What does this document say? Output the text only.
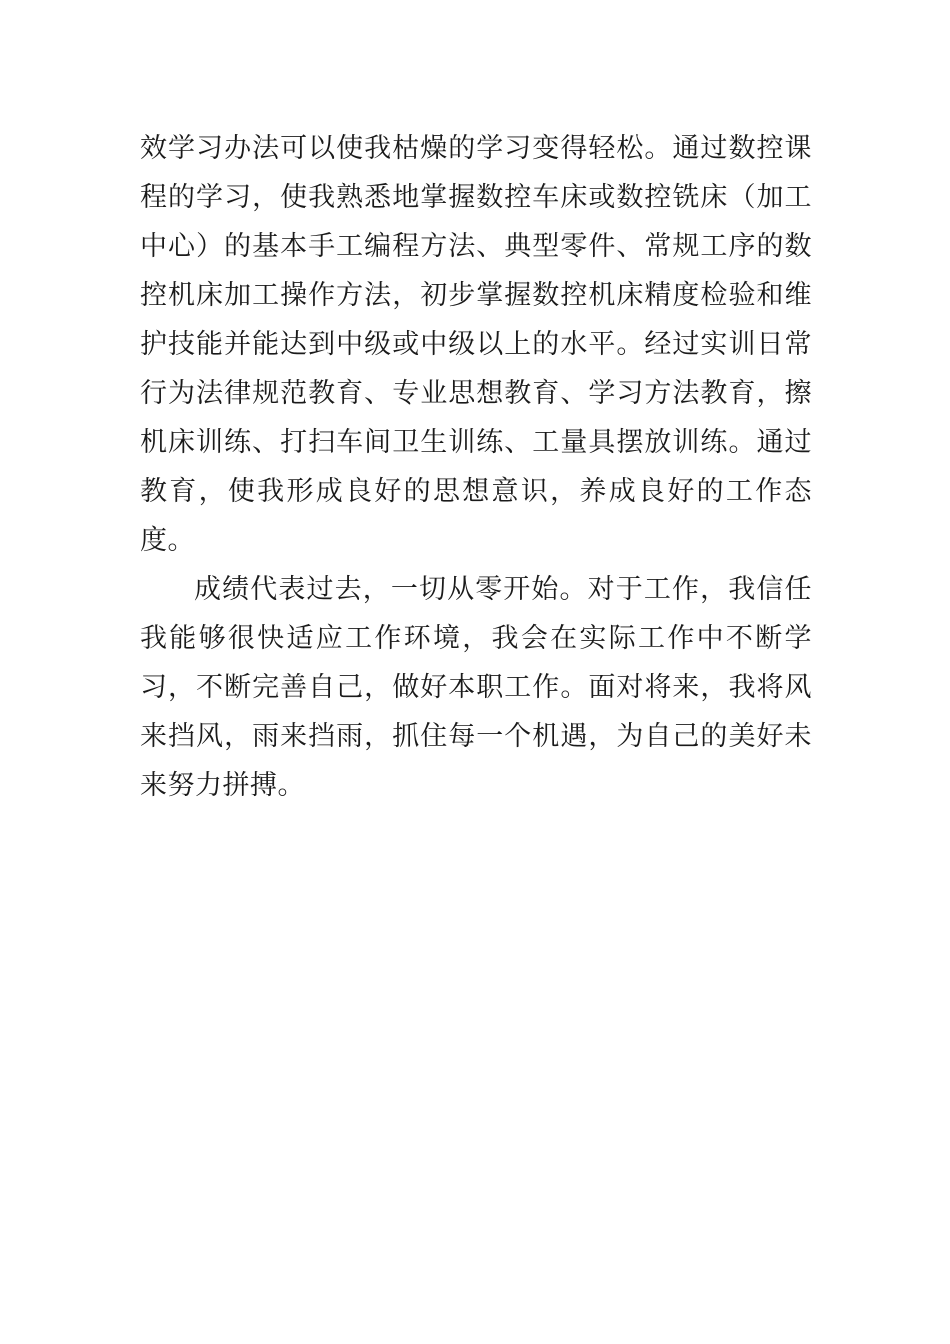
效学习办法可以使我枯燥的学习变得轻松。通过数控课程的学习，使我熟悉地掌握数控车床或数控铣床（加工中心）的基本手工编程方法、典型零件、常规工序的数控机床加工操作方法，初步掌握数控机床精度检验和维护技能并能达到中级或中级以上的水平。经过实训日常行为法律规范教育、专业思想教育、学习方法教育，擦机床训练、打扫车间卫生训练、工量具摆放训练。通过教育，使我形成良好的思想意识，养成良好的工作态度。

成绩代表过去，一切从零开始。对于工作，我信任我能够很快适应工作环境，我会在实际工作中不断学习，不断完善自己，做好本职工作。面对将来，我将风来挡风，雨来挡雨，抓住每一个机遇，为自己的美好未来努力拼搏。
